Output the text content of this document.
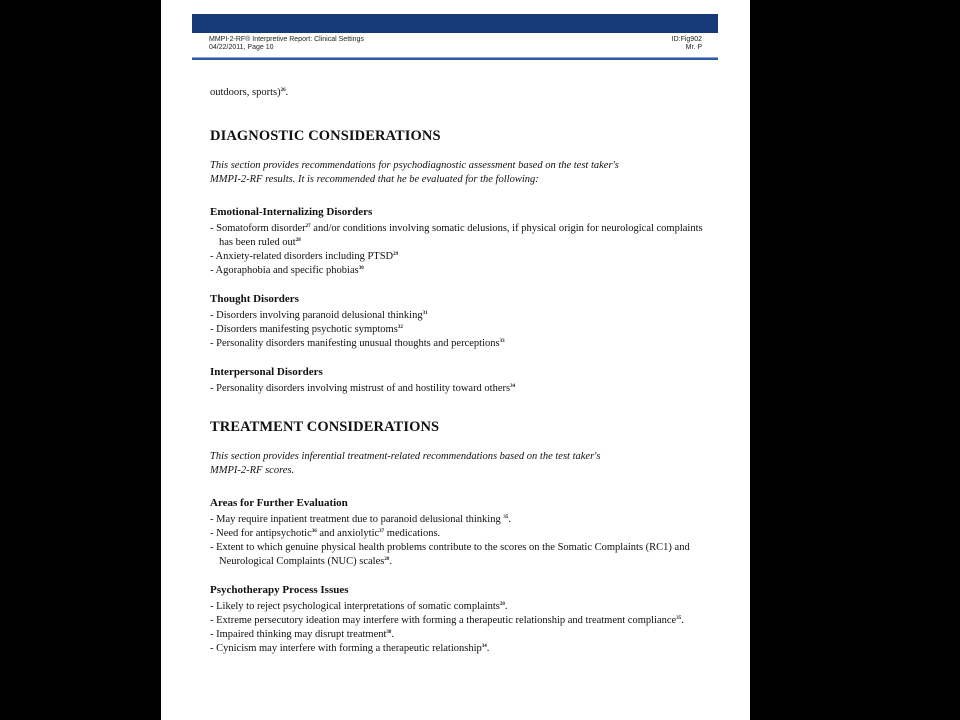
MMPI-2-RF® Interpretive Report: Clinical Settings
04/22/2011, Page 10
ID:Fig902
Mr. P

outdoors, sports)$^{26}$.

DIAGNOSTIC CONSIDERATIONS

This section provides recommendations for psychodiagnostic assessment based on the test taker's
MMPI-2-RF results. It is recommended that he be evaluated for the following:

Emotional-Internalizing Disorders
- Somatoform disorder$^{27}$ and/or conditions involving somatic delusions, if physical origin for neurological complaints has been ruled out$^{28}$
- Anxiety-related disorders including PTSD$^{29}$
- Agoraphobia and specific phobias$^{30}$
Thought Disorders
- Disorders involving paranoid delusional thinking$^{31}$
- Disorders manifesting psychotic symptoms$^{32}$
- Personality disorders manifesting unusual thoughts and perceptions$^{33}$
Interpersonal Disorders
- Personality disorders involving mistrust of and hostility toward others$^{34}$
TREATMENT CONSIDERATIONS

This section provides inferential treatment-related recommendations based on the test taker's
MMPI-2-RF scores.

Areas for Further Evaluation
- May require inpatient treatment due to paranoid delusional thinking $^{35}$.
- Need for antipsychotic$^{36}$ and anxiolytic$^{37}$ medications.
- Extent to which genuine physical health problems contribute to the scores on the Somatic Complaints (RC1) and Neurological Complaints (NUC) scales$^{20}$.
Psychotherapy Process Issues
- Likely to reject psychological interpretations of somatic complaints$^{20}$.
- Extreme persecutory ideation may interfere with forming a therapeutic relationship and treatment compliance$^{35}$.
- Impaired thinking may disrupt treatment$^{38}$.
- Cynicism may interfere with forming a therapeutic relationship$^{34}$.
